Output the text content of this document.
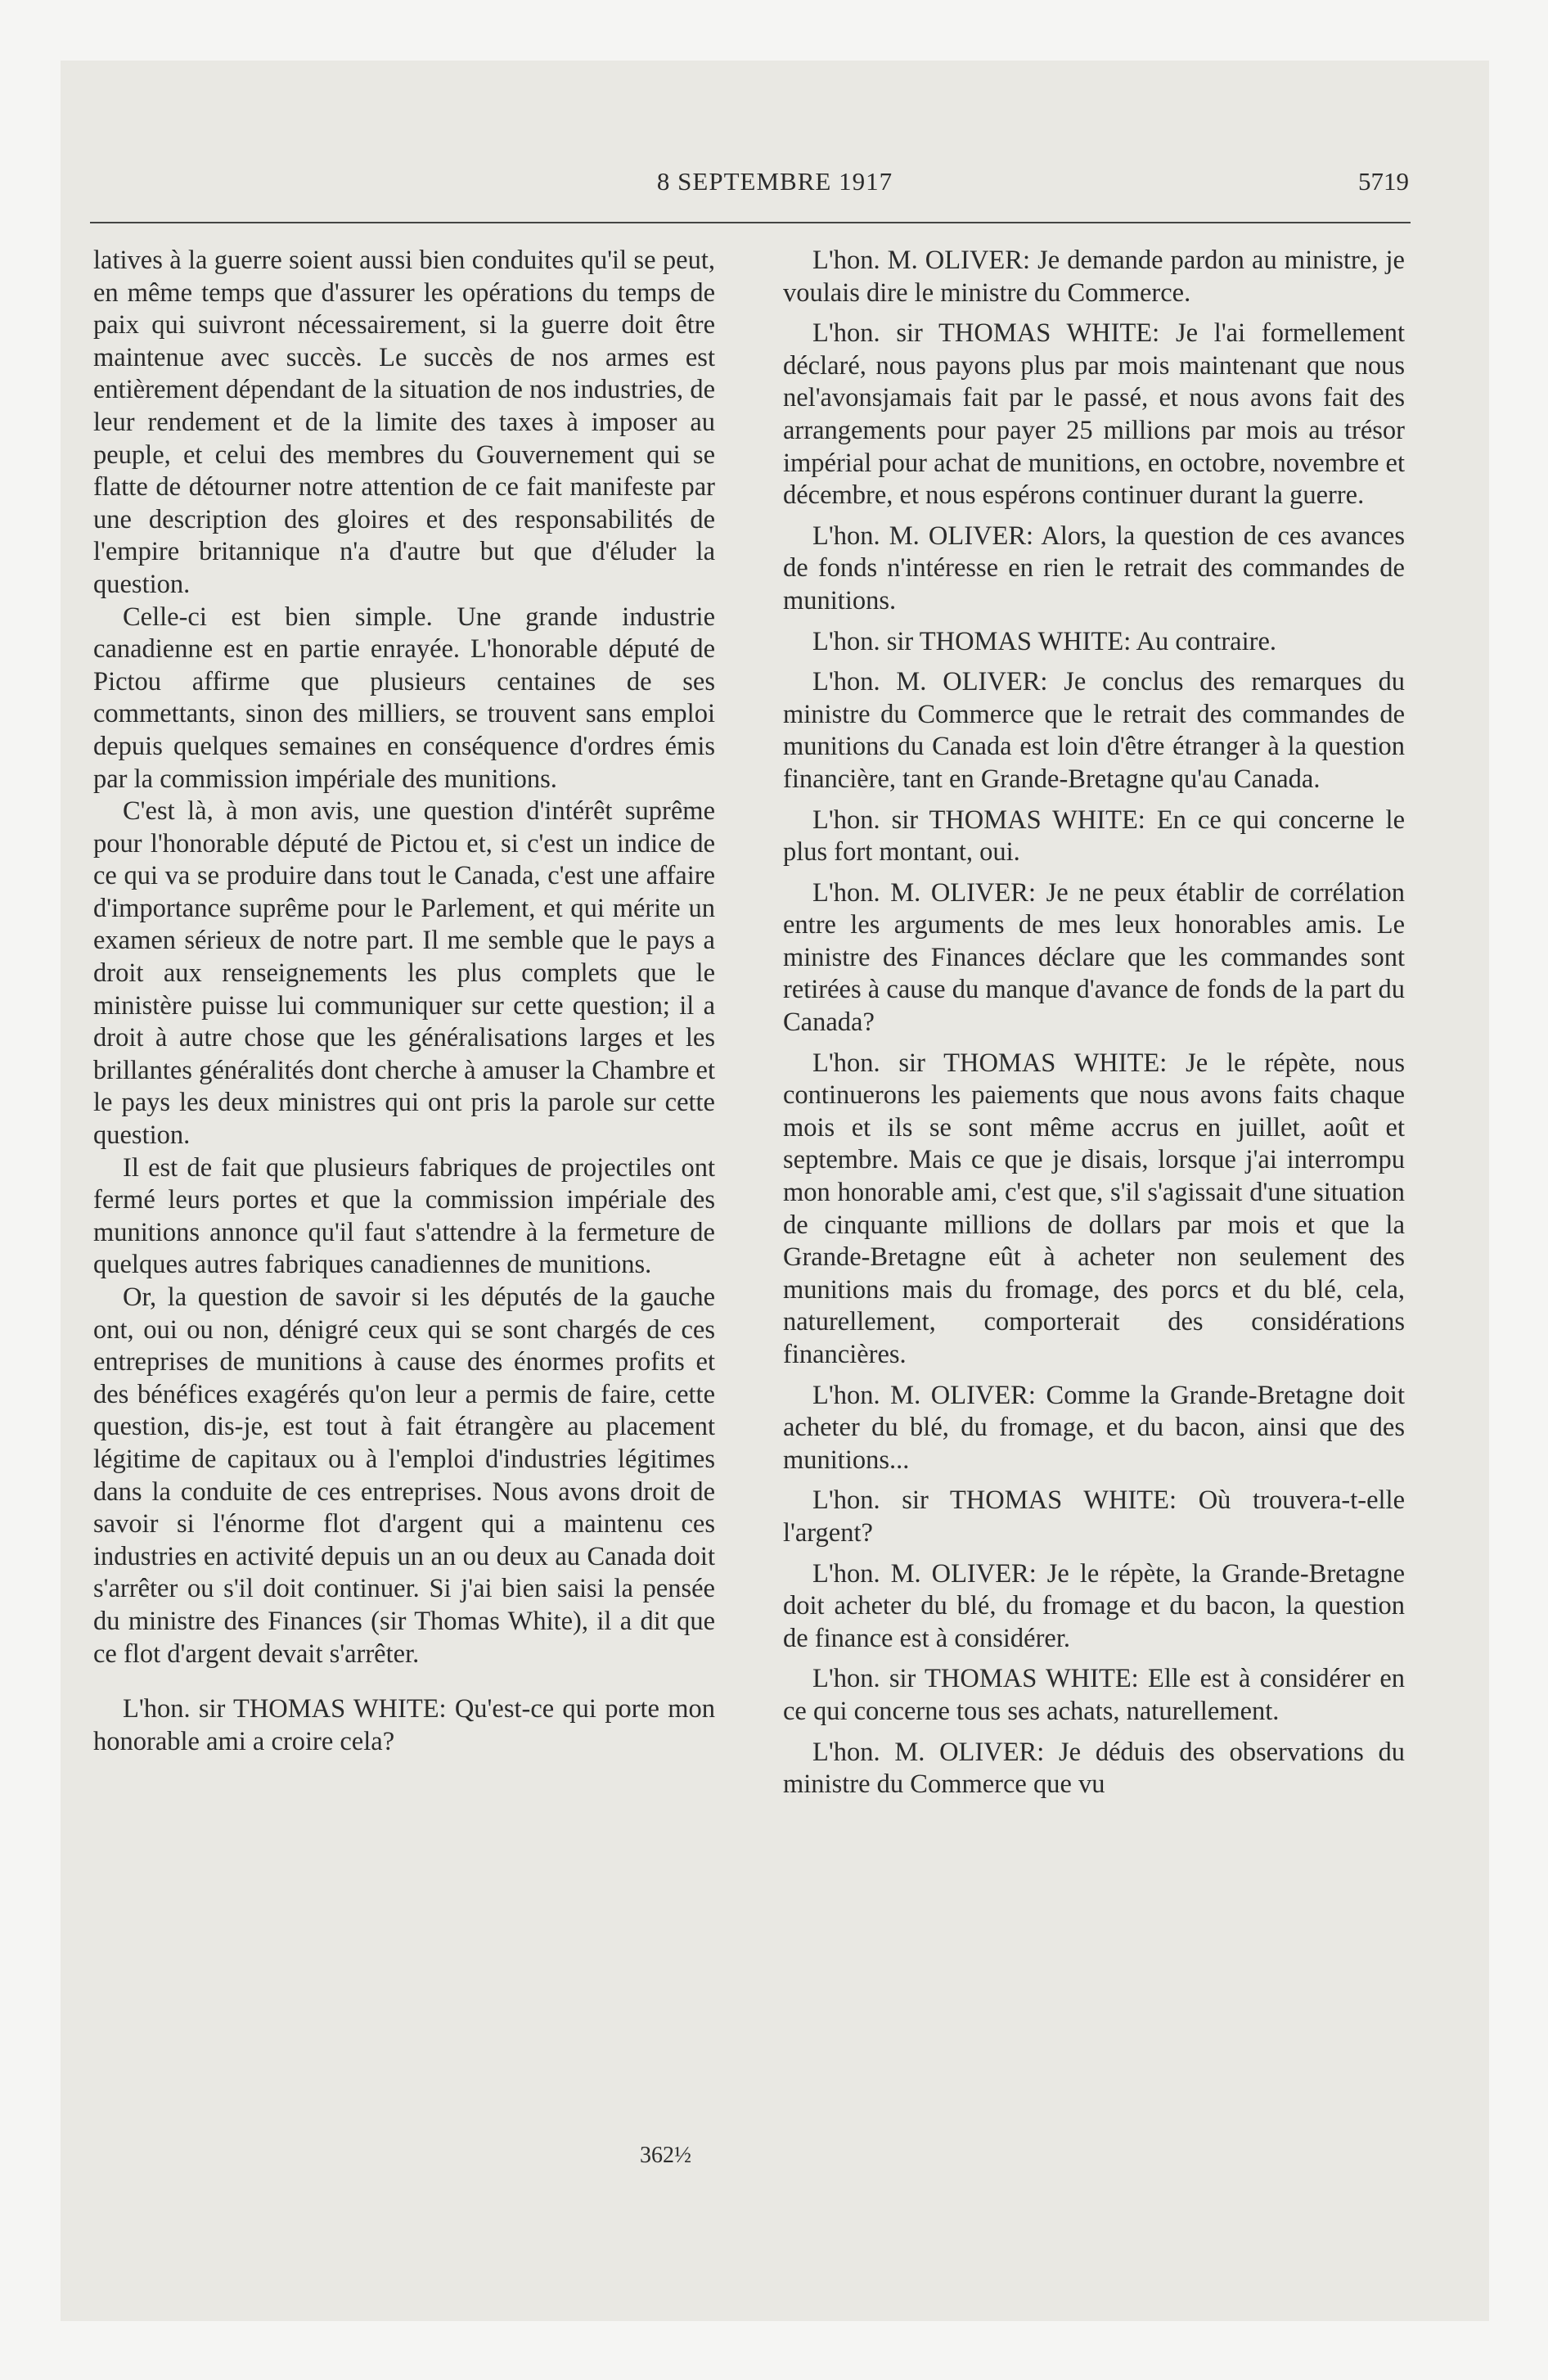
8 SEPTEMBRE 1917	5719

latives à la guerre soient aussi bien conduites qu'il se peut, en même temps que d'assurer les opérations du temps de paix qui suivront nécessairement, si la guerre doit être maintenue avec succès. Le succès de nos armes est entièrement dépendant de la situation de nos industries, de leur rendement et de la limite des taxes à imposer au peuple, et celui des membres du Gouvernement qui se flatte de détourner notre attention de ce fait manifeste par une description des gloires et des responsabilités de l'empire britannique n'a d'autre but que d'éluder la question.

Celle-ci est bien simple. Une grande industrie canadienne est en partie enrayée. L'honorable député de Pictou affirme que plusieurs centaines de ses commettants, sinon des milliers, se trouvent sans emploi depuis quelques semaines en conséquence d'ordres émis par la commission impériale des munitions.

C'est là, à mon avis, une question d'intérêt suprême pour l'honorable député de Pictou et, si c'est un indice de ce qui va se produire dans tout le Canada, c'est une affaire d'importance suprême pour le Parlement, et qui mérite un examen sérieux de notre part. Il me semble que le pays a droit aux renseignements les plus complets que le ministère puisse lui communiquer sur cette question; il a droit à autre chose que les généralisations larges et les brillantes généralités dont cherche à amuser la Chambre et le pays les deux ministres qui ont pris la parole sur cette question.

Il est de fait que plusieurs fabriques de projectiles ont fermé leurs portes et que la commission impériale des munitions annonce qu'il faut s'attendre à la fermeture de quelques autres fabriques canadiennes de munitions.

Or, la question de savoir si les députés de la gauche ont, oui ou non, dénigré ceux qui se sont chargés de ces entreprises de munitions à cause des énormes profits et des bénéfices exagérés qu'on leur a permis de faire, cette question, dis-je, est tout à fait étrangère au placement légitime de capitaux ou à l'emploi d'industries légitimes dans la conduite de ces entreprises. Nous avons droit de savoir si l'énorme flot d'argent qui a maintenu ces industries en activité depuis un an ou deux au Canada doit s'arrêter ou s'il doit continuer. Si j'ai bien saisi la pensée du ministre des Finances (sir Thomas White), il a dit que ce flot d'argent devait s'arrêter.

L'hon. sir THOMAS WHITE: Qu'est-ce qui porte mon honorable ami a croire cela?

362½

L'hon. M. OLIVER: Je demande pardon au ministre, je voulais dire le ministre du Commerce.

L'hon. sir THOMAS WHITE: Je l'ai formellement déclaré, nous payons plus par mois maintenant que nous nel'avonsjamais fait par le passé, et nous avons fait des arrangements pour payer 25 millions par mois au trésor impérial pour achat de munitions, en octobre, novembre et décembre, et nous espérons continuer durant la guerre.

L'hon. M. OLIVER: Alors, la question de ces avances de fonds n'intéresse en rien le retrait des commandes de munitions.

L'hon. sir THOMAS WHITE: Au contraire.

L'hon. M. OLIVER: Je conclus des remarques du ministre du Commerce que le retrait des commandes de munitions du Canada est loin d'être étranger à la question financière, tant en Grande-Bretagne qu'au Canada.

L'hon. sir THOMAS WHITE: En ce qui concerne le plus fort montant, oui.

L'hon. M. OLIVER: Je ne peux établir de corrélation entre les arguments de mes leux honorables amis. Le ministre des Finances déclare que les commandes sont retirées à cause du manque d'avance de fonds de la part du Canada?

L'hon. sir THOMAS WHITE: Je le répète, nous continuerons les paiements que nous avons faits chaque mois et ils se sont même accrus en juillet, août et septembre. Mais ce que je disais, lorsque j'ai interrompu mon honorable ami, c'est que, s'il s'agissait d'une situation de cinquante millions de dollars par mois et que la Grande-Bretagne eût à acheter non seulement des munitions mais du fromage, des porcs et du blé, cela, naturellement, comporterait des considérations financières.

L'hon. M. OLIVER: Comme la Grande-Bretagne doit acheter du blé, du fromage, et du bacon, ainsi que des munitions...

L'hon. sir THOMAS WHITE: Où trouvera-t-elle l'argent?

L'hon. M. OLIVER: Je le répète, la Grande-Bretagne doit acheter du blé, du fromage et du bacon, la question de finance est à considérer.

L'hon. sir THOMAS WHITE: Elle est à considérer en ce qui concerne tous ses achats, naturellement.

L'hon. M. OLIVER: Je déduis des observations du ministre du Commerce que vu
